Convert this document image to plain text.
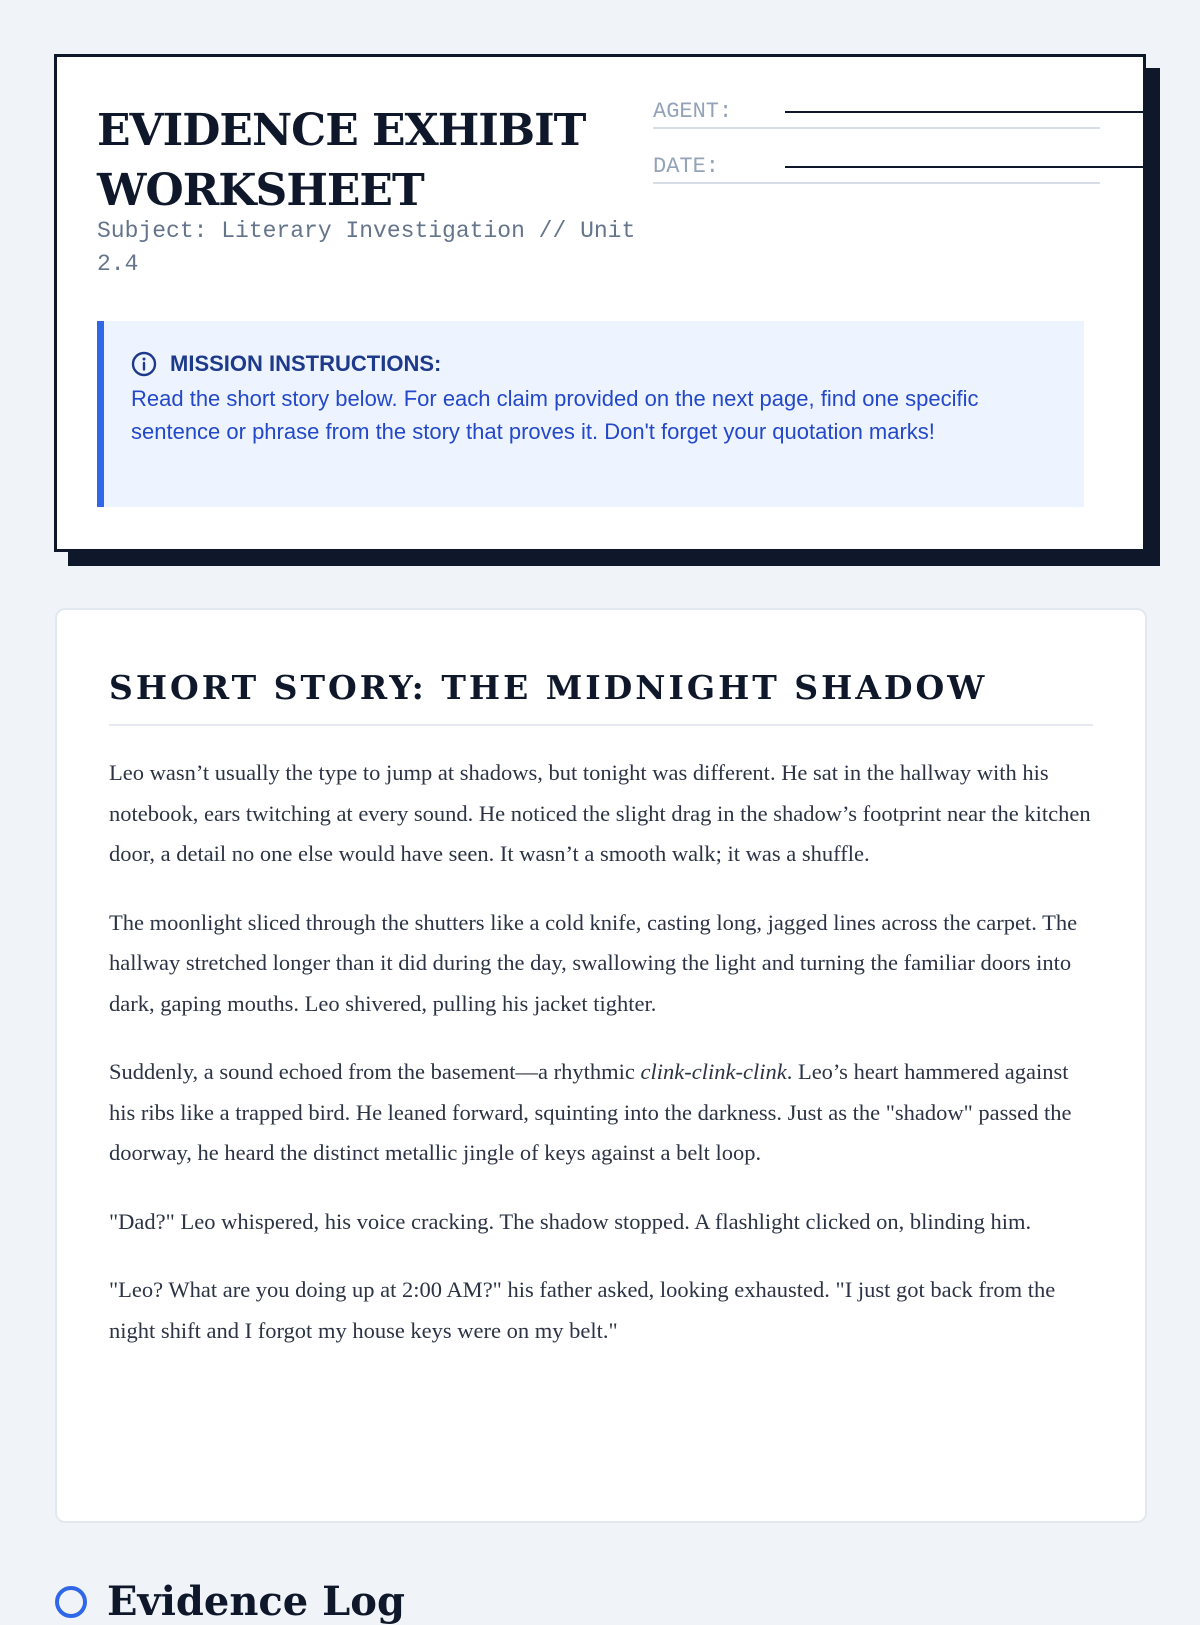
EVIDENCE EXHIBIT WORKSHEET
Subject: Literary Investigation // Unit 2.4
AGENT:
DATE:
MISSION INSTRUCTIONS:
Read the short story below. For each claim provided on the next page, find one specific sentence or phrase from the story that proves it. Don't forget your quotation marks!
SHORT STORY: THE MIDNIGHT SHADOW

Leo wasn’t usually the type to jump at shadows, but tonight was different. He sat in the hallway with his notebook, ears twitching at every sound. He noticed the slight drag in the shadow’s footprint near the kitchen door, a detail no one else would have seen. It wasn’t a smooth walk; it was a shuffle.

The moonlight sliced through the shutters like a cold knife, casting long, jagged lines across the carpet. The hallway stretched longer than it did during the day, swallowing the light and turning the familiar doors into dark, gaping mouths. Leo shivered, pulling his jacket tighter.

Suddenly, a sound echoed from the basement—a rhythmic clink-clink-clink. Leo’s heart hammered against his ribs like a trapped bird. He leaned forward, squinting into the darkness. Just as the "shadow" passed the doorway, he heard the distinct metallic jingle of keys against a belt loop.

"Dad?" Leo whispered, his voice cracking. The shadow stopped. A flashlight clicked on, blinding him.

"Leo? What are you doing up at 2:00 AM?" his father asked, looking exhausted. "I just got back from the night shift and I forgot my house keys were on my belt."

Evidence Log
